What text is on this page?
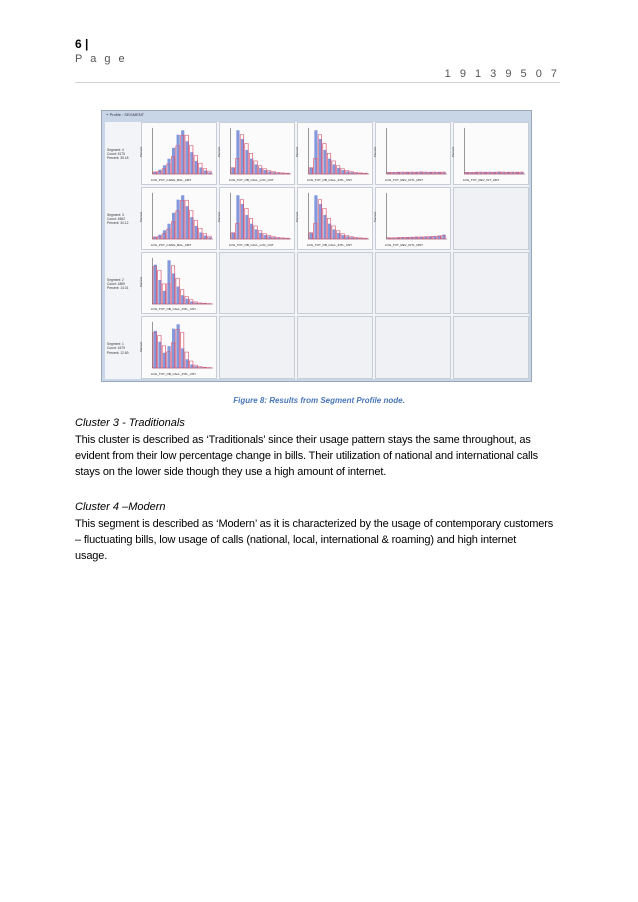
6 |
P a g e
1 9 1 3 9 5 0 7
∘ Profile : SEGMENT
Segment: 4
Count: 5175
Percent: 39.18
Percent
LOG_PCT_CHNG_BILL_AMT
Percent
LOG_TOT_OB_CALL_LOC_CNT
Percent
LOG_TOT_OB_CALL_INTL_CNT
Percent
LOG_TOT_REV_INTL_MNT
Percent
LOG_TOT_REV_INT_AMT
Segment: 3
Count: 4562
Percent: 34.12
Percent
LOG_PCT_CHNG_BILL_AMT
Percent
LOG_TOT_OB_CALL_LOC_CNT
Percent
LOG_TOT_OB_CALL_INTL_CNT
Percent
LOG_TOT_REV_INTL_MNT
Segment: 2
Count: 1869
Percent: 14.01
Percent
LOG_TOT_OB_CALL_INTL_CNT
Segment: 1
Count: 1679
Percent: 12.69
Percent
LOG_TOT_OB_CALL_INTL_CNT
Figure 8: Results from Segment Profile node.
Cluster 3 - Traditionals
This cluster is described as ‘Traditionals’ since their usage pattern stays the same throughout, as
evident from their low percentage change in bills. Their utilization of national and international calls
stays on the lower side though they use a high amount of internet.
Cluster 4 –Modern
This segment is described as ‘Modern’ as it is characterized by the usage of contemporary customers
– fluctuating bills, low usage of calls (national, local, international & roaming) and high internet
usage.
